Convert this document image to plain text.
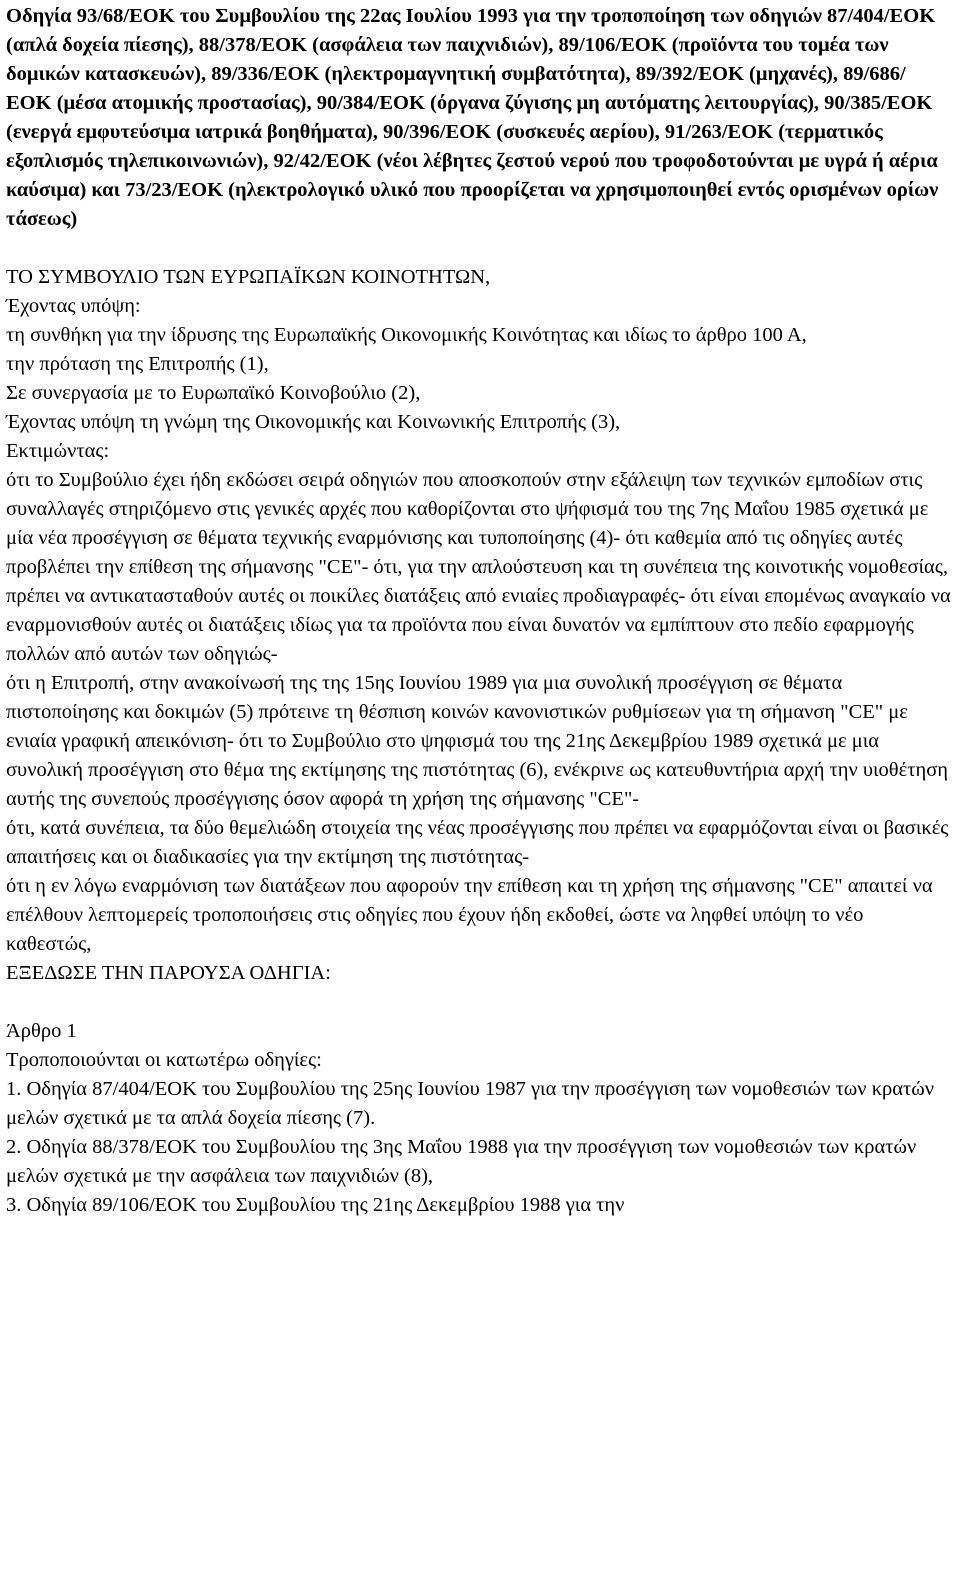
Οδηγία 93/68/ΕΟΚ του Συμβουλίου της 22ας Ιουλίου 1993 για την τροποποίηση των οδηγιών 87/404/ΕΟΚ (απλά δοχεία πίεσης), 88/378/ΕΟΚ (ασφάλεια των παιχνιδιών), 89/106/ΕΟΚ (προϊόντα του τομέα των δομικών κατασκευών), 89/336/ΕΟΚ (ηλεκτρομαγνητική συμβατότητα), 89/392/ΕΟΚ (μηχανές), 89/686/ΕΟΚ (μέσα ατομικής προστασίας), 90/384/ΕΟΚ (όργανα ζύγισης μη αυτόματης λειτουργίας), 90/385/ΕΟΚ (ενεργά εμφυτεύσιμα ιατρικά βοηθήματα), 90/396/ΕΟΚ (συσκευές αερίου), 91/263/ΕΟΚ (τερματικός εξοπλισμός τηλεπικοινωνιών), 92/42/ΕΟΚ (νέοι λέβητες ζεστού νερού που τροφοδοτούνται με υγρά ή αέρια καύσιμα) και 73/23/ΕΟΚ (ηλεκτρολογικό υλικό που προορίζεται να χρησιμοποιηθεί εντός ορισμένων ορίων τάσεως)
ΤΟ ΣΥΜΒΟΥΛΙΟ ΤΩΝ ΕΥΡΩΠΑΪΚΩΝ ΚΟΙΝΟΤΗΤΩΝ,
Έχοντας υπόψη:
τη συνθήκη για την ίδρυσης της Ευρωπαϊκής Οικονομικής Κοινότητας και ιδίως το άρθρο 100 Α,
την πρόταση της Επιτροπής (1),
Σε συνεργασία με το Ευρωπαϊκό Κοινοβούλιο (2),
Έχοντας υπόψη τη γνώμη της Οικονομικής και Κοινωνικής Επιτροπής (3),
Εκτιμώντας:
ότι το Συμβούλιο έχει ήδη εκδώσει σειρά οδηγιών που αποσκοπούν στην εξάλειψη των τεχνικών εμποδίων στις συναλλαγές στηριζόμενο στις γενικές αρχές που καθορίζονται στο ψήφισμά του της 7ης Μαΐου 1985 σχετικά με μία νέα προσέγγιση σε θέματα τεχνικής εναρμόνισης και τυποποίησης (4)- ότι καθεμία από τις οδηγίες αυτές προβλέπει την επίθεση της σήμανσης "CE"- ότι, για την απλούστευση και τη συνέπεια της κοινοτικής νομοθεσίας, πρέπει να αντικατασταθούν αυτές οι ποικίλες διατάξεις από ενιαίες προδιαγραφές- ότι είναι επομένως αναγκαίο να εναρμονισθούν αυτές οι διατάξεις ιδίως για τα προϊόντα που είναι δυνατόν να εμπίπτουν στο πεδίο εφαρμογής πολλών από αυτών των οδηγιώς-
ότι η Επιτροπή, στην ανακοίνωσή της της 15ης Ιουνίου 1989 για μια συνολική προσέγγιση σε θέματα πιστοποίησης και δοκιμών (5) πρότεινε τη θέσπιση κοινών κανονιστικών ρυθμίσεων για τη σήμανση "CE" με ενιαία γραφική απεικόνιση- ότι το Συμβούλιο στο ψηφισμά του της 21ης Δεκεμβρίου 1989 σχετικά με μια συνολική προσέγγιση στο θέμα της εκτίμησης της πιστότητας (6), ενέκρινε ως κατευθυντήρια αρχή την υιοθέτηση αυτής της συνεπούς προσέγγισης όσον αφορά τη χρήση της σήμανσης "CE"-
ότι, κατά συνέπεια, τα δύο θεμελιώδη στοιχεία της νέας προσέγγισης που πρέπει να εφαρμόζονται είναι οι βασικές απαιτήσεις και οι διαδικασίες για την εκτίμηση της πιστότητας-
ότι η εν λόγω εναρμόνιση των διατάξεων που αφορούν την επίθεση και τη χρήση της σήμανσης "CE" απαιτεί να επέλθουν λεπτομερείς τροποποιήσεις στις οδηγίες που έχουν ήδη εκδοθεί, ώστε να ληφθεί υπόψη το νέο καθεστώς,
ΕΞΕΔΩΣΕ ΤΗΝ ΠΑΡΟΥΣΑ ΟΔΗΓΙΑ:
Άρθρο 1
Τροποποιούνται οι κατωτέρω οδηγίες:
1. Οδηγία 87/404/ΕΟΚ του Συμβουλίου της 25ης Ιουνίου 1987 για την προσέγγιση των νομοθεσιών των κρατών μελών σχετικά με τα απλά δοχεία πίεσης (7).
2. Οδηγία 88/378/ΕΟΚ του Συμβουλίου της 3ης Μαΐου 1988 για την προσέγγιση των νομοθεσιών των κρατών μελών σχετικά με την ασφάλεια των παιχνιδιών (8),
3. Οδηγία 89/106/ΕΟΚ του Συμβουλίου της 21ης Δεκεμβρίου 1988 για την
